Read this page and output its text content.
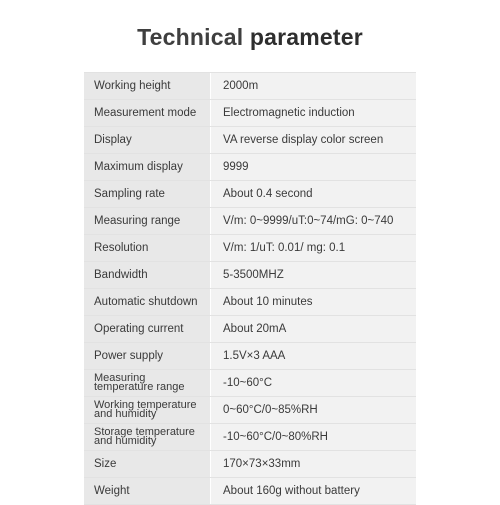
Technical parameter
Working height	2000m
Measurement mode	Electromagnetic induction
Display	VA reverse display color screen
Maximum display	9999
Sampling rate	About 0.4 second
Measuring range	V/m: 0~9999/uT:0~74/mG: 0~740
Resolution	V/m: 1/uT: 0.01/ mg: 0.1
Bandwidth	5-3500MHZ
Automatic shutdown	About 10 minutes
Operating current	About 20mA
Power supply	1.5V×3 AAA
Measuring
temperature range	-10~60°C
Working temperature
and humidity	0~60°C/0~85%RH
Storage temperature
and humidity	-10~60°C/0~80%RH
Size	170×73×33mm
Weight	About 160g without battery
